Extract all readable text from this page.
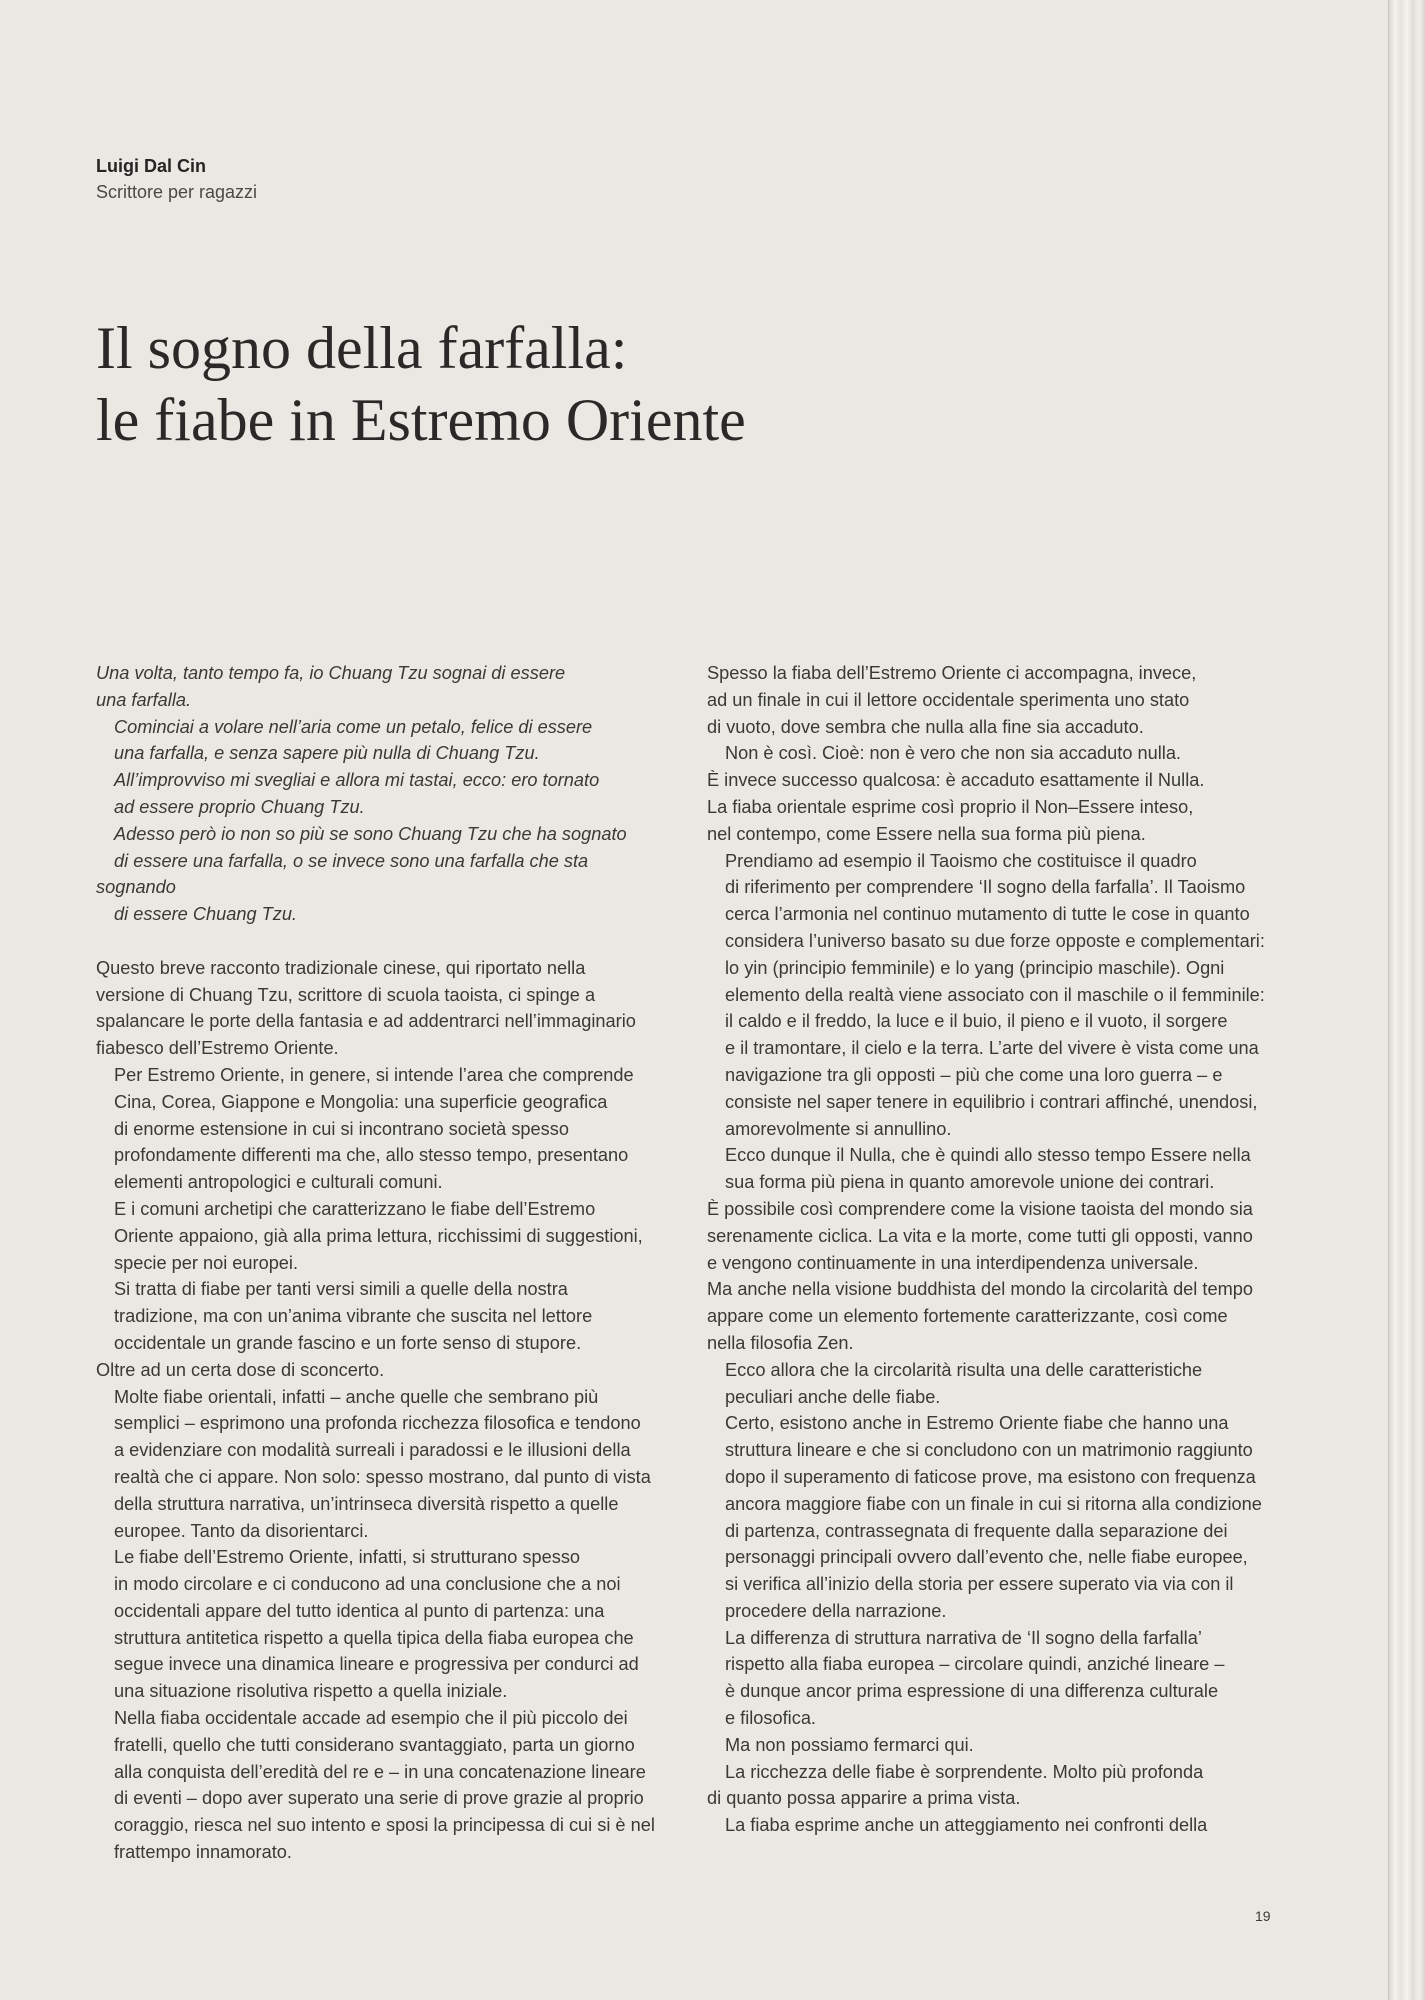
Luigi Dal Cin
Scrittore per ragazzi
Il sogno della farfalla:
le fiabe in Estremo Oriente

Una volta, tanto tempo fa, io Chuang Tzu sognai di essere
una farfalla.

Cominciai a volare nell’aria come un petalo, felice di essere
una farfalla, e senza sapere più nulla di Chuang Tzu.

All’improvviso mi svegliai e allora mi tastai, ecco: ero tornato
ad essere proprio Chuang Tzu.

Adesso però io non so più se sono Chuang Tzu che ha sognato
di essere una farfalla, o se invece sono una farfalla che sta sognando
di essere Chuang Tzu.

Questo breve racconto tradizionale cinese, qui riportato nella
versione di Chuang Tzu, scrittore di scuola taoista, ci spinge a
spalancare le porte della fantasia e ad addentrarci nell’immaginario
fiabesco dell’Estremo Oriente.

Per Estremo Oriente, in genere, si intende l’area che comprende
Cina, Corea, Giappone e Mongolia: una superficie geografica
di enorme estensione in cui si incontrano società spesso
profondamente differenti ma che, allo stesso tempo, presentano
elementi antropologici e culturali comuni.

E i comuni archetipi che caratterizzano le fiabe dell’Estremo
Oriente appaiono, già alla prima lettura, ricchissimi di suggestioni,
specie per noi europei.

Si tratta di fiabe per tanti versi simili a quelle della nostra
tradizione, ma con un’anima vibrante che suscita nel lettore
occidentale un grande fascino e un forte senso di stupore.

Oltre ad un certa dose di sconcerto.

Molte fiabe orientali, infatti – anche quelle che sembrano più
semplici – esprimono una profonda ricchezza filosofica e tendono
a evidenziare con modalità surreali i paradossi e le illusioni della
realtà che ci appare. Non solo: spesso mostrano, dal punto di vista
della struttura narrativa, un’intrinseca diversità rispetto a quelle
europee. Tanto da disorientarci.

Le fiabe dell’Estremo Oriente, infatti, si strutturano spesso
in modo circolare e ci conducono ad una conclusione che a noi
occidentali appare del tutto identica al punto di partenza: una
struttura antitetica rispetto a quella tipica della fiaba europea che
segue invece una dinamica lineare e progressiva per condurci ad
una situazione risolutiva rispetto a quella iniziale.

Nella fiaba occidentale accade ad esempio che il più piccolo dei
fratelli, quello che tutti considerano svantaggiato, parta un giorno
alla conquista dell’eredità del re e – in una concatenazione lineare
di eventi – dopo aver superato una serie di prove grazie al proprio
coraggio, riesca nel suo intento e sposi la principessa di cui si è nel
frattempo innamorato.

Spesso la fiaba dell’Estremo Oriente ci accompagna, invece,
ad un finale in cui il lettore occidentale sperimenta uno stato
di vuoto, dove sembra che nulla alla fine sia accaduto.

Non è così. Cioè: non è vero che non sia accaduto nulla.

È invece successo qualcosa: è accaduto esattamente il Nulla.
La fiaba orientale esprime così proprio il Non–Essere inteso,
nel contempo, come Essere nella sua forma più piena.

Prendiamo ad esempio il Taoismo che costituisce il quadro
di riferimento per comprendere ‘Il sogno della farfalla’. Il Taoismo
cerca l’armonia nel continuo mutamento di tutte le cose in quanto
considera l’universo basato su due forze opposte e complementari:
lo yin (principio femminile) e lo yang (principio maschile). Ogni
elemento della realtà viene associato con il maschile o il femminile:
il caldo e il freddo, la luce e il buio, il pieno e il vuoto, il sorgere
e il tramontare, il cielo e la terra. L’arte del vivere è vista come una
navigazione tra gli opposti – più che come una loro guerra – e
consiste nel saper tenere in equilibrio i contrari affinché, unendosi,
amorevolmente si annullino.

Ecco dunque il Nulla, che è quindi allo stesso tempo Essere nella
sua forma più piena in quanto amorevole unione dei contrari.

È possibile così comprendere come la visione taoista del mondo sia
serenamente ciclica. La vita e la morte, come tutti gli opposti, vanno
e vengono continuamente in una interdipendenza universale.
Ma anche nella visione buddhista del mondo la circolarità del tempo
appare come un elemento fortemente caratterizzante, così come
nella filosofia Zen.

Ecco allora che la circolarità risulta una delle caratteristiche
peculiari anche delle fiabe.

Certo, esistono anche in Estremo Oriente fiabe che hanno una
struttura lineare e che si concludono con un matrimonio raggiunto
dopo il superamento di faticose prove, ma esistono con frequenza
ancora maggiore fiabe con un finale in cui si ritorna alla condizione
di partenza, contrassegnata di frequente dalla separazione dei
personaggi principali ovvero dall’evento che, nelle fiabe europee,
si verifica all’inizio della storia per essere superato via via con il
procedere della narrazione.

La differenza di struttura narrativa de ‘Il sogno della farfalla’
rispetto alla fiaba europea – circolare quindi, anziché lineare –
è dunque ancor prima espressione di una differenza culturale
e filosofica.

Ma non possiamo fermarci qui.

La ricchezza delle fiabe è sorprendente. Molto più profonda

di quanto possa apparire a prima vista.

La fiaba esprime anche un atteggiamento nei confronti della

19
